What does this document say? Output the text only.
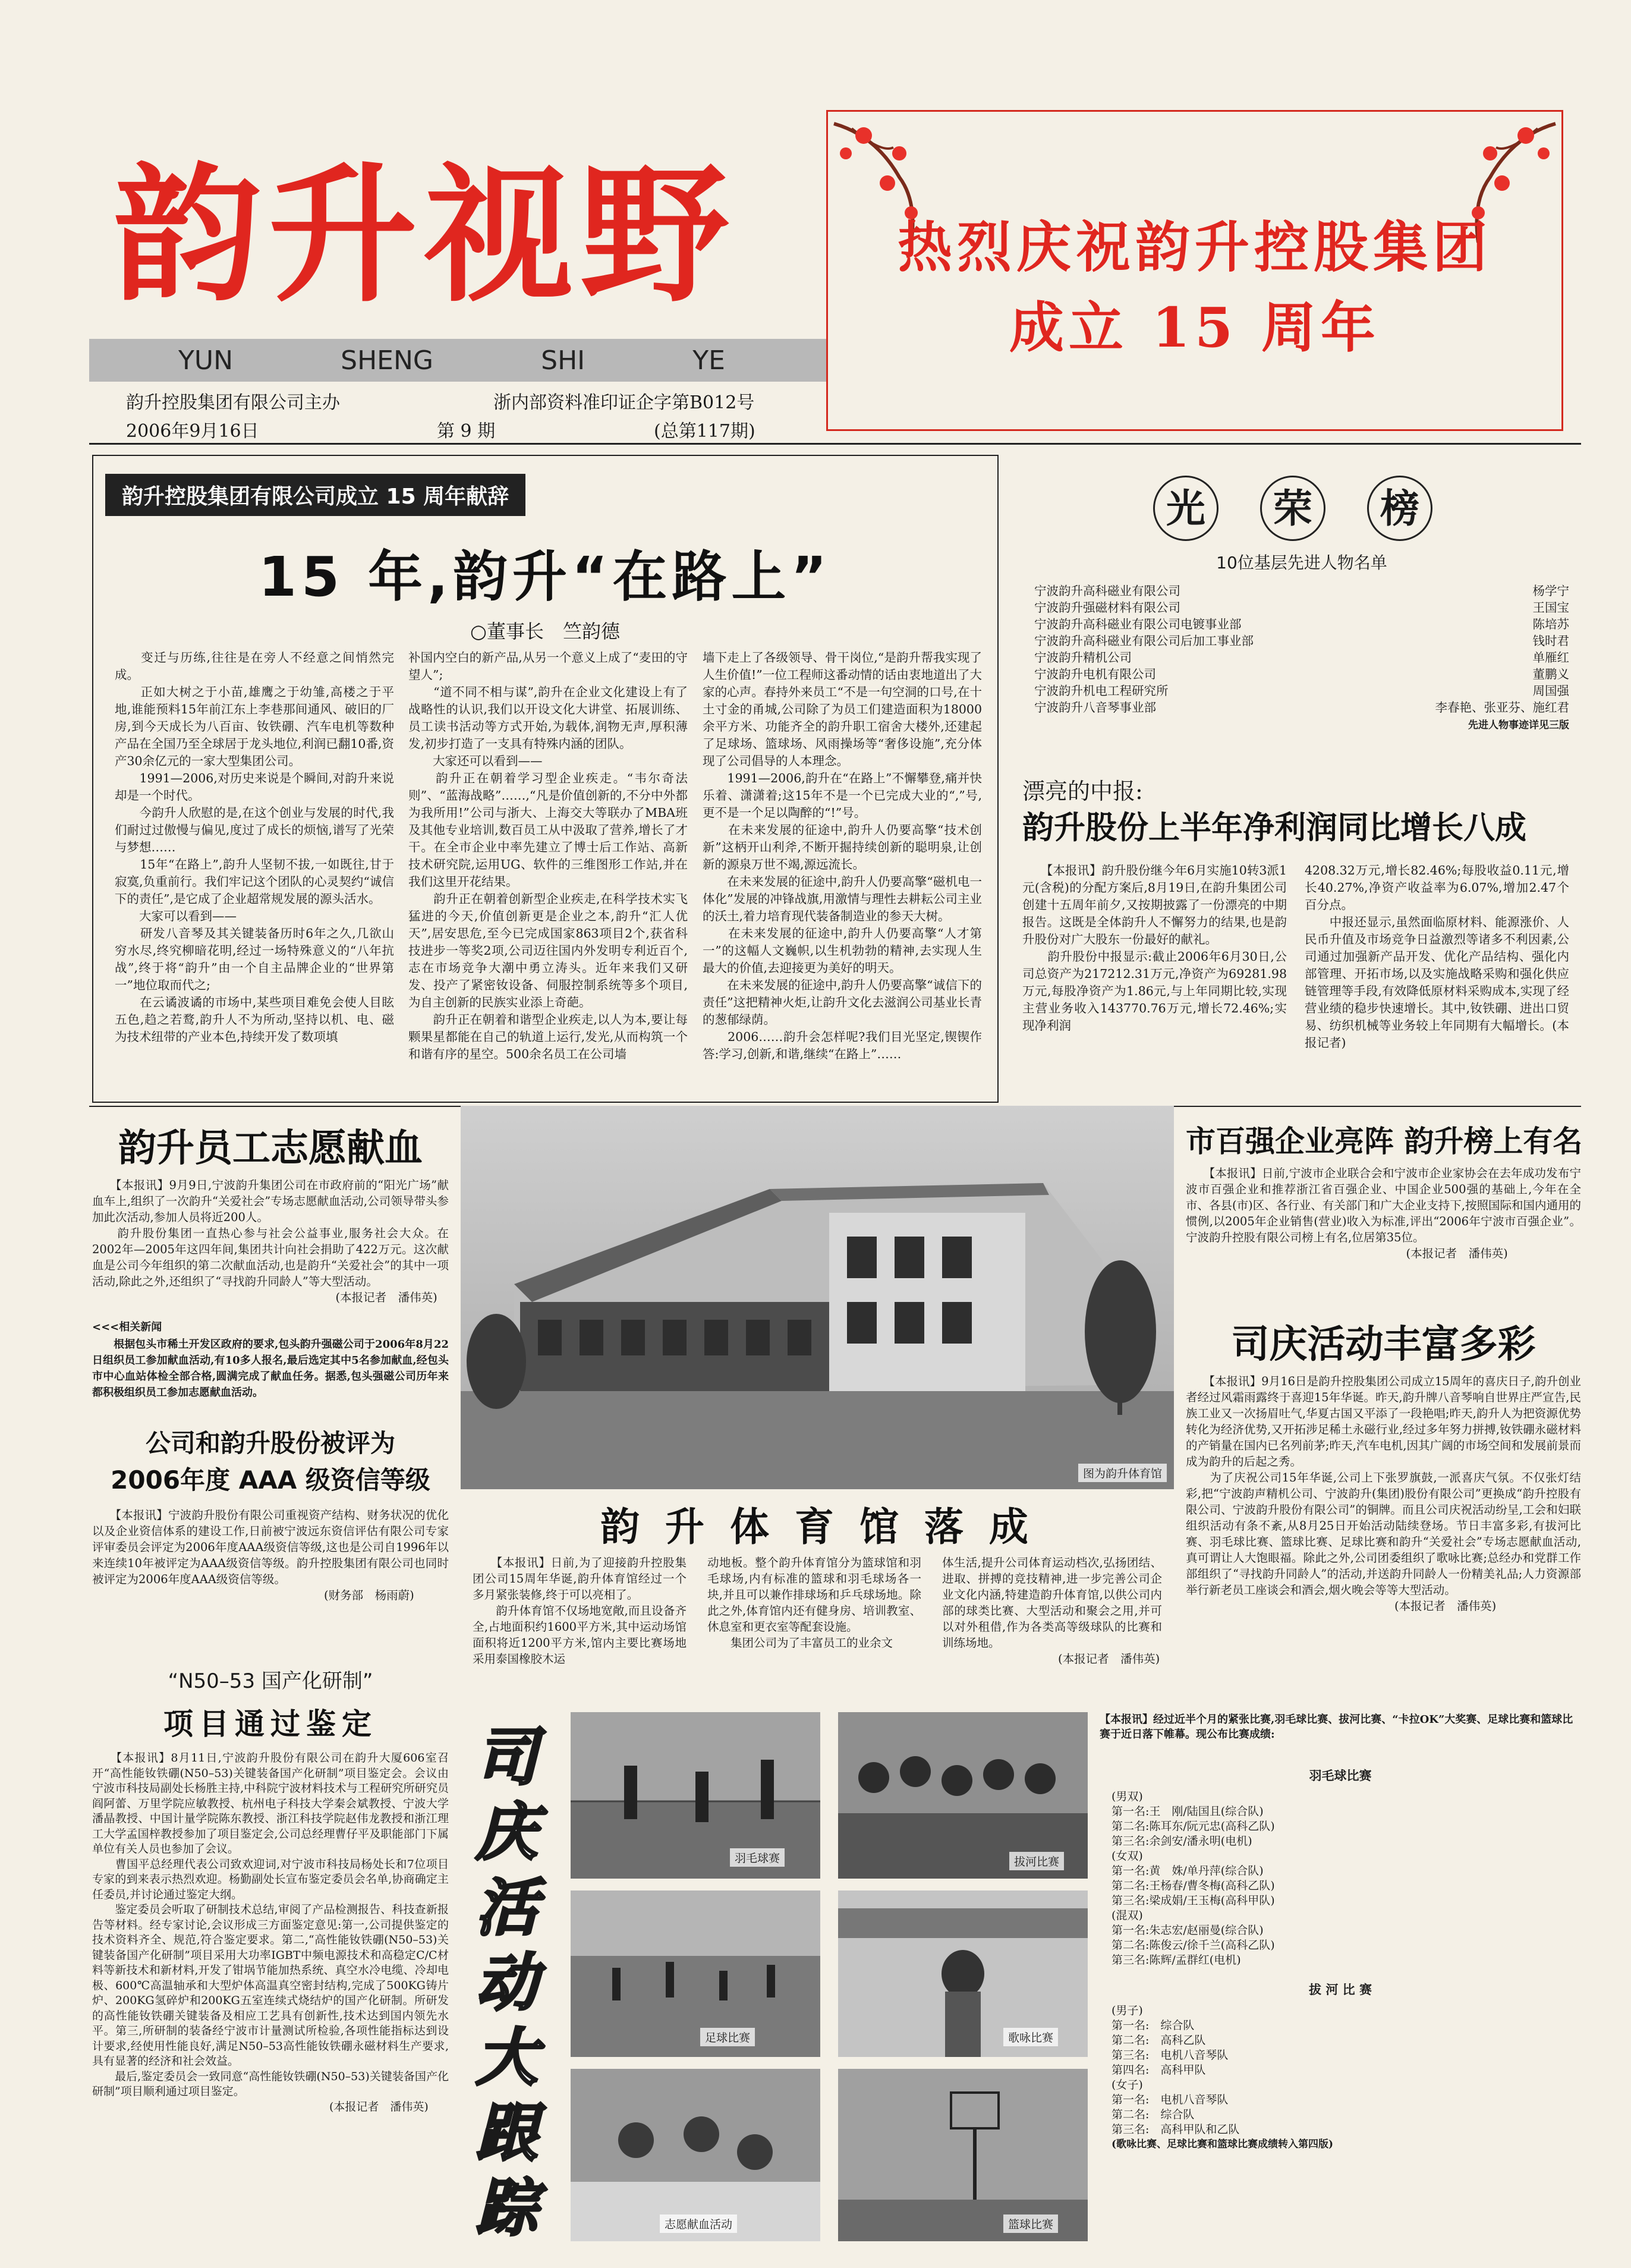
韵升视野
YUN	SHENG	SHI	YE
韵升控股集团有限公司主办	浙内部资料准印证企字第B012号
2006年9月16日	第 9 期	(总第117期)
热烈庆祝韵升控股集团
成立 15 周年
韵升控股集团有限公司成立 15 周年献辞
15 年,韵升“在路上”
○董事长　竺韵德
　　变迁与历练,往往是在旁人不经意之间悄然完成。
　　正如大树之于小苗,雄鹰之于幼雏,高楼之于平地,谁能预料15年前江东上李巷那间通风、破旧的厂房,到今天成长为八百亩、钕铁硼、汽车电机等数种产品在全国乃至全球居于龙头地位,利润已翻10番,资产30余亿元的一家大型集团公司。
　　1991—2006,对历史来说是个瞬间,对韵升来说却是一个时代。
　　今韵升人欣慰的是,在这个创业与发展的时代,我们耐过过傲慢与偏见,度过了成长的烦恼,谱写了光荣与梦想……
　　15年“在路上”,韵升人坚韧不拔,一如既往,甘于寂寞,负重前行。我们牢记这个团队的心灵契约“诚信下的责任”,是它成了企业超常规发展的源头活水。
　　大家可以看到——
　　研发八音琴及其关键装备历时6年之久,几欲山穷水尽,终究柳暗花明,经过一场特殊意义的“八年抗战”,终于将“韵升”由一个自主品牌企业的“世界第一”地位取而代之;
　　在云谲波谲的市场中,某些项目难免会使人目眩五色,趋之若鹜,韵升人不为所动,坚持以机、电、磁为技术纽带的产业本色,持续开发了数项填
补国内空白的新产品,从另一个意义上成了“麦田的守望人”;
　　“道不同不相与谋”,韵升在企业文化建设上有了战略性的认识,我们以开设文化大讲堂、拓展训练、员工读书活动等方式开始,为载体,润物无声,厚积薄发,初步打造了一支具有特殊内涵的团队。
　　大家还可以看到——
　　韵升正在朝着学习型企业疾走。“韦尔奇法则”、“蓝海战略”……,“凡是价值创新的,不分中外都为我所用!”公司与浙大、上海交大等联办了MBA班及其他专业培训,数百员工从中汲取了营养,增长了才干。在全市企业中率先建立了博士后工作站、高新技术研究院,运用UG、软件的三维图形工作站,并在我们这里开花结果。
　　韵升正在朝着创新型企业疾走,在科学技术实飞猛进的今天,价值创新更是企业之本,韵升“汇人优天”,居安思危,至今已完成国家863项目2个,获省科技进步一等奖2项,公司迈往国内外发明专利近百个,志在市场竞争大潮中勇立涛头。近年来我们又研发、投产了紧密钕设备、伺服控制系统等多个项目,为自主创新的民族实业添上奇葩。
　　韵升正在朝着和谐型企业疾走,以人为本,要让每颗果星都能在自己的轨道上运行,发光,从而构筑一个和谐有序的星空。500余名员工在公司墙
墙下走上了各级领导、骨干岗位,“是韵升帮我实现了人生价值!”一位工程师这番动情的话由衷地道出了大家的心声。春持外来员工“不是一句空洞的口号,在十土寸金的甬城,公司除了为员工们建造面积为18000余平方米、功能齐全的韵升职工宿舍大楼外,还建起了足球场、篮球场、风雨操场等“奢侈设施”,充分体现了公司倡导的人本理念。
　　1991—2006,韵升在“在路上”不懈攀登,痛并快乐着、潇潇着;这15年不是一个已完成大业的“,”号,更不是一个足以陶醉的“!”号。
　　在未来发展的征途中,韵升人仍要高擎“技术创新”这柄开山利斧,不断开掘持续创新的聪明泉,让创新的源泉万世不竭,源远流长。
　　在未来发展的征途中,韵升人仍要高擎“磁机电一体化”发展的冲锋战旗,用激情与理性去耕耘公司主业的沃土,着力培育现代装备制造业的参天大树。
　　在未来发展的征途中,韵升人仍要高擎“人才第一”的这幅人文巍帜,以生机勃勃的精神,去实现人生最大的价值,去迎接更为美好的明天。
　　在未来发展的征途中,韵升人仍要高擎“诚信下的责任”这把精神火炬,让韵升文化去滋润公司基业长青的葱郁绿荫。
　　2006……韵升会怎样呢?我们目光坚定,锲锲作答:学习,创新,和谐,继续“在路上”……
光	荣	榜
10位基层先进人物名单
宁波韵升高科磁业有限公司	杨学宁
宁波韵升强磁材料有限公司	王国宝
宁波韵升高科磁业有限公司电镀事业部	陈培苏
宁波韵升高科磁业有限公司后加工事业部	钱时君
宁波韵升精机公司	单雁红
宁波韵升电机有限公司	董鹏义
宁波韵升机电工程研究所	周国强
宁波韵升八音琴事业部	李春艳、张亚芬、施红君
先进人物事迹详见三版
漂亮的中报:
韵升股份上半年净利润同比增长八成
　　【本报讯】韵升股份继今年6月实施10转3派1元(含税)的分配方案后,8月19日,在韵升集团公司创建十五周年前夕,又按期披露了一份漂亮的中期报告。这既是全体韵升人不懈努力的结果,也是韵升股份对广大股东一份最好的献礼。
　　韵升股份中报显示:截止2006年6月30日,公司总资产为217212.31万元,净资产为69281.98万元,每股净资产为1.86元,与上年同期比较,实现主营业务收入143770.76万元,增长72.46%;实现净利润
4208.32万元,增长82.46%;每股收益0.11元,增长40.27%,净资产收益率为6.07%,增加2.47个百分点。
　　中报还显示,虽然面临原材料、能源涨价、人民币升值及市场竞争日益激烈等诸多不利因素,公司通过加强新产品开发、优化产品结构、强化内部管理、开拓市场,以及实施战略采购和强化供应链管理等手段,有效降低原材料采购成本,实现了经营业绩的稳步快速增长。其中,钕铁硼、进出口贸易、纺织机械等业务较上年同期有大幅增长。(本报记者)
韵升员工志愿献血
　　【本报讯】9月9日,宁波韵升集团公司在市政府前的“阳光广场”献血车上,组织了一次韵升“关爱社会”专场志愿献血活动,公司领导带头参加此次活动,参加人员将近200人。
　　韵升股份集团一直热心参与社会公益事业,服务社会大众。在2002年—2005年这四年间,集团共计向社会捐助了422万元。这次献血是公司今年组织的第二次献血活动,也是韵升“关爱社会”的其中一项活动,除此之外,还组织了“寻找韵升同龄人”等大型活动。
　　　　　　　　　　　　　　　　　　　　　(本报记者　潘伟英)
<<<相关新闻
　　根据包头市稀土开发区政府的要求,包头韵升强磁公司于2006年8月22日组织员工参加献血活动,有10多人报名,最后选定其中5名参加献血,经包头市中心血站体检全部合格,圆满完成了献血任务。据悉,包头强磁公司历年来都积极组织员工参加志愿献血活动。
图为韵升体育馆
韵 升 体 育 馆 落 成
　　【本报讯】日前,为了迎接韵升控股集团公司15周年华诞,韵升体育馆经过一个多月紧张装修,终于可以亮相了。
　　韵升体育馆不仅场地宽敞,而且设备齐全,占地面积约1600平方米,其中运动场馆面积将近1200平方米,馆内主要比赛场地采用泰国橡胶木运
动地板。整个韵升体育馆分为篮球馆和羽毛球场,内有标准的篮球和羽毛球场各一块,并且可以兼作排球场和乒乓球场地。除此之外,体育馆内还有健身房、培训教室、休息室和更衣室等配套设施。
　　集团公司为了丰富员工的业余文
体生活,提升公司体育运动档次,弘扬团结、进取、拼搏的竞技精神,进一步完善公司企业文化内涵,特建造韵升体育馆,以供公司内部的球类比赛、大型活动和聚会之用,并可以对外租借,作为各类高等级球队的比赛和训练场地。
　　　　　　　　　　(本报记者　潘伟英)
市百强企业亮阵 韵升榜上有名
　　【本报讯】日前,宁波市企业联合会和宁波市企业家协会在去年成功发布宁波市百强企业和推荐浙江省百强企业、中国企业500强的基础上,今年在全市、各县(市)区、各行业、有关部门和广大企业支持下,按照国际和国内通用的惯例,以2005年企业销售(营业)收入为标准,评出“2006年宁波市百强企业”。宁波韵升控股有限公司榜上有名,位居第35位。
　　　　　　　　　　　　　　　　　　　(本报记者　潘伟英)
司庆活动丰富多彩
　　【本报讯】9月16日是韵升控股集团公司成立15周年的喜庆日子,韵升创业者经过风霜雨露终于喜迎15年华诞。昨天,韵升牌八音琴响自世界庄严宣告,民族工业又一次扬眉吐气,华夏古国又平添了一段艳唱;昨天,韵升人为把资源优势转化为经济优势,又开拓涉足稀土永磁行业,经过多年努力拼搏,钕铁硼永磁材料的产销量在国内已名列前茅;昨天,汽车电机,因其广阔的市场空间和发展前景而成为韵升的后起之秀。
　　为了庆祝公司15年华诞,公司上下张罗旗鼓,一派喜庆气氛。不仅张灯结彩,把“宁波韵声精机公司、宁波韵升(集团)股份有限公司”更换成“韵升控股有限公司、宁波韵升股份有限公司”的铜牌。而且公司庆祝活动纷呈,工会和妇联组织活动有条不紊,从8月25日开始活动陆续登场。节日丰富多彩,有拔河比赛、羽毛球比赛、篮球比赛、足球比赛和韵升“关爱社会”专场志愿献血活动,真可谓让人大饱眼福。除此之外,公司团委组织了歌咏比赛;总经办和党群工作部组织了“寻找韵升同龄人”的活动,并送韵升同龄人一份精美礼品;人力资源部举行新老员工座谈会和酒会,烟火晚会等等大型活动。
　　　　　　　　　　　　　　　　　　(本报记者　潘伟英)
公司和韵升股份被评为
2006年度 AAA 级资信等级
　　【本报讯】宁波韵升股份有限公司重视资产结构、财务状况的优化以及企业资信体系的建设工作,日前被宁波远东资信评估有限公司专家评审委员会评定为2006年度AAA级资信等级,这也是公司自1996年以来连续10年被评定为AAA级资信等级。韵升控股集团有限公司也同时被评定为2006年度AAA级资信等级。
　　　　　　　　　　　　　　　　　　　　(财务部　杨雨蔚)
“N50–53 国产化研制”
项目通过鉴定
　　【本报讯】8月11日,宁波韵升股份有限公司在韵升大厦606室召开“高性能钕铁硼(N50–53)关键装备国产化研制”项目鉴定会。会议由宁波市科技局副处长杨胜主持,中科院宁波材料技术与工程研究所研究员阎阿蕾、万里学院应敏教授、杭州电子科技大学秦会斌教授、宁波大学潘晶教授、中国计量学院陈东教授、浙江科技学院赵伟龙教授和浙江理工大学孟国梓教授参加了项目鉴定会,公司总经理曹仔平及职能部门下属单位有关人员也参加了会议。
　　曹国平总经理代表公司致欢迎词,对宁波市科技局杨处长和7位项目专家的到来表示热烈欢迎。杨勤副处长宣布鉴定委员会名单,协商确定主任委员,并讨论通过鉴定大纲。
　　鉴定委员会听取了研制技术总结,审阅了产品检测报告、科技查新报告等材料。经专家讨论,会议形成三方面鉴定意见:第一,公司提供鉴定的技术资料齐全、规范,符合鉴定要求。第二,“高性能钕铁硼(N50–53)关键装备国产化研制”项目采用大功率IGBT中频电源技术和高稳定C/C材料等新技术和新材料,开发了钳埚节能加热系统、真空水冷电缆、冷却电极、600℃高温轴承和大型炉体高温真空密封结构,完成了500KG铸片炉、200KG氢碎炉和200KG五室连续式烧结炉的国产化研制。所研发的高性能钕铁硼关键装备及相应工艺具有创新性,技术达到国内领先水平。第三,所研制的装备经宁波市计量测试所检验,各项性能指标达到设计要求,经使用性能良好,满足N50–53高性能钕铁硼永磁材料生产要求,具有显著的经济和社会效益。
　　最后,鉴定委员会一致同意“高性能钕铁硼(N50–53)关键装备国产化研制”项目顺利通过项目鉴定。
　　　　　　　　　　　　　　　　　　　　　(本报记者　潘伟英)
司
庆
活
动
大
跟
踪
羽毛球赛	拔河比赛
足球比赛	歌咏比赛
志愿献血活动	篮球比赛
【本报讯】经过近半个月的紧张比赛,羽毛球比赛、拔河比赛、“卡拉OK”大奖赛、足球比赛和篮球比赛于近日落下帷幕。现公布比赛成绩:
羽毛球比赛
(男双)
第一名:王　刚/陆国且(综合队)
第二名:陈耳东/阮元忠(高科乙队)
第三名:余剑安/潘永明(电机)
(女双)
第一名:黄　姝/单丹萍(综合队)
第二名:王杨春/曹冬梅(高科乙队)
第三名:梁成娟/王玉梅(高科甲队)
(混双)
第一名:朱志宏/赵丽曼(综合队)
第二名:陈俊云/徐千兰(高科乙队)
第三名:陈辉/孟群红(电机)
拔 河 比 赛
(男子)
第一名:　综合队
第二名:　高科乙队
第三名:　电机八音琴队
第四名:　高科甲队
(女子)
第一名:　电机八音琴队
第二名:　综合队
第三名:　高科甲队和乙队
(歌咏比赛、足球比赛和篮球比赛成绩转入第四版)
